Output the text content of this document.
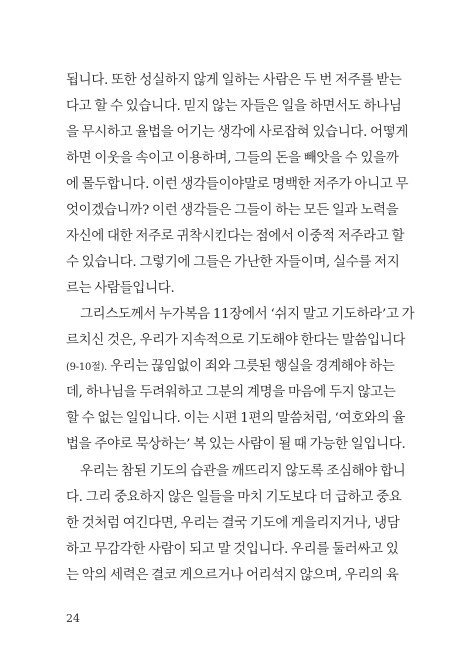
됩니다. 또한 성실하지 않게 일하는 사람은 두 번 저주를 받는
다고 할 수 있습니다. 믿지 않는 자들은 일을 하면서도 하나님
을 무시하고 율법을 어기는 생각에 사로잡혀 있습니다. 어떻게
하면 이웃을 속이고 이용하며, 그들의 돈을 빼앗을 수 있을까
에 몰두합니다. 이런 생각들이야말로 명백한 저주가 아니고 무
엇이겠습니까? 이런 생각들은 그들이 하는 모든 일과 노력을
자신에 대한 저주로 귀착시킨다는 점에서 이중적 저주라고 할
수 있습니다. 그렇기에 그들은 가난한 자들이며, 실수를 저지
르는 사람들입니다.
그리스도께서 누가복음 11장에서 ‘쉬지 말고 기도하라’고 가
르치신 것은, 우리가 지속적으로 기도해야 한다는 말씀입니다
(9-10절). 우리는 끊임없이 죄와 그릇된 행실을 경계해야 하는
데, 하나님을 두려워하고 그분의 계명을 마음에 두지 않고는
할 수 없는 일입니다. 이는 시편 1편의 말씀처럼, ‘여호와의 율
법을 주야로 묵상하는’ 복 있는 사람이 될 때 가능한 일입니다.
우리는 참된 기도의 습관을 깨뜨리지 않도록 조심해야 합니
다. 그리 중요하지 않은 일들을 마치 기도보다 더 급하고 중요
한 것처럼 여긴다면, 우리는 결국 기도에 게을리지거나, 냉담
하고 무감각한 사람이 되고 말 것입니다. 우리를 둘러싸고 있
는 악의 세력은 결코 게으르거나 어리석지 않으며, 우리의 육
24
